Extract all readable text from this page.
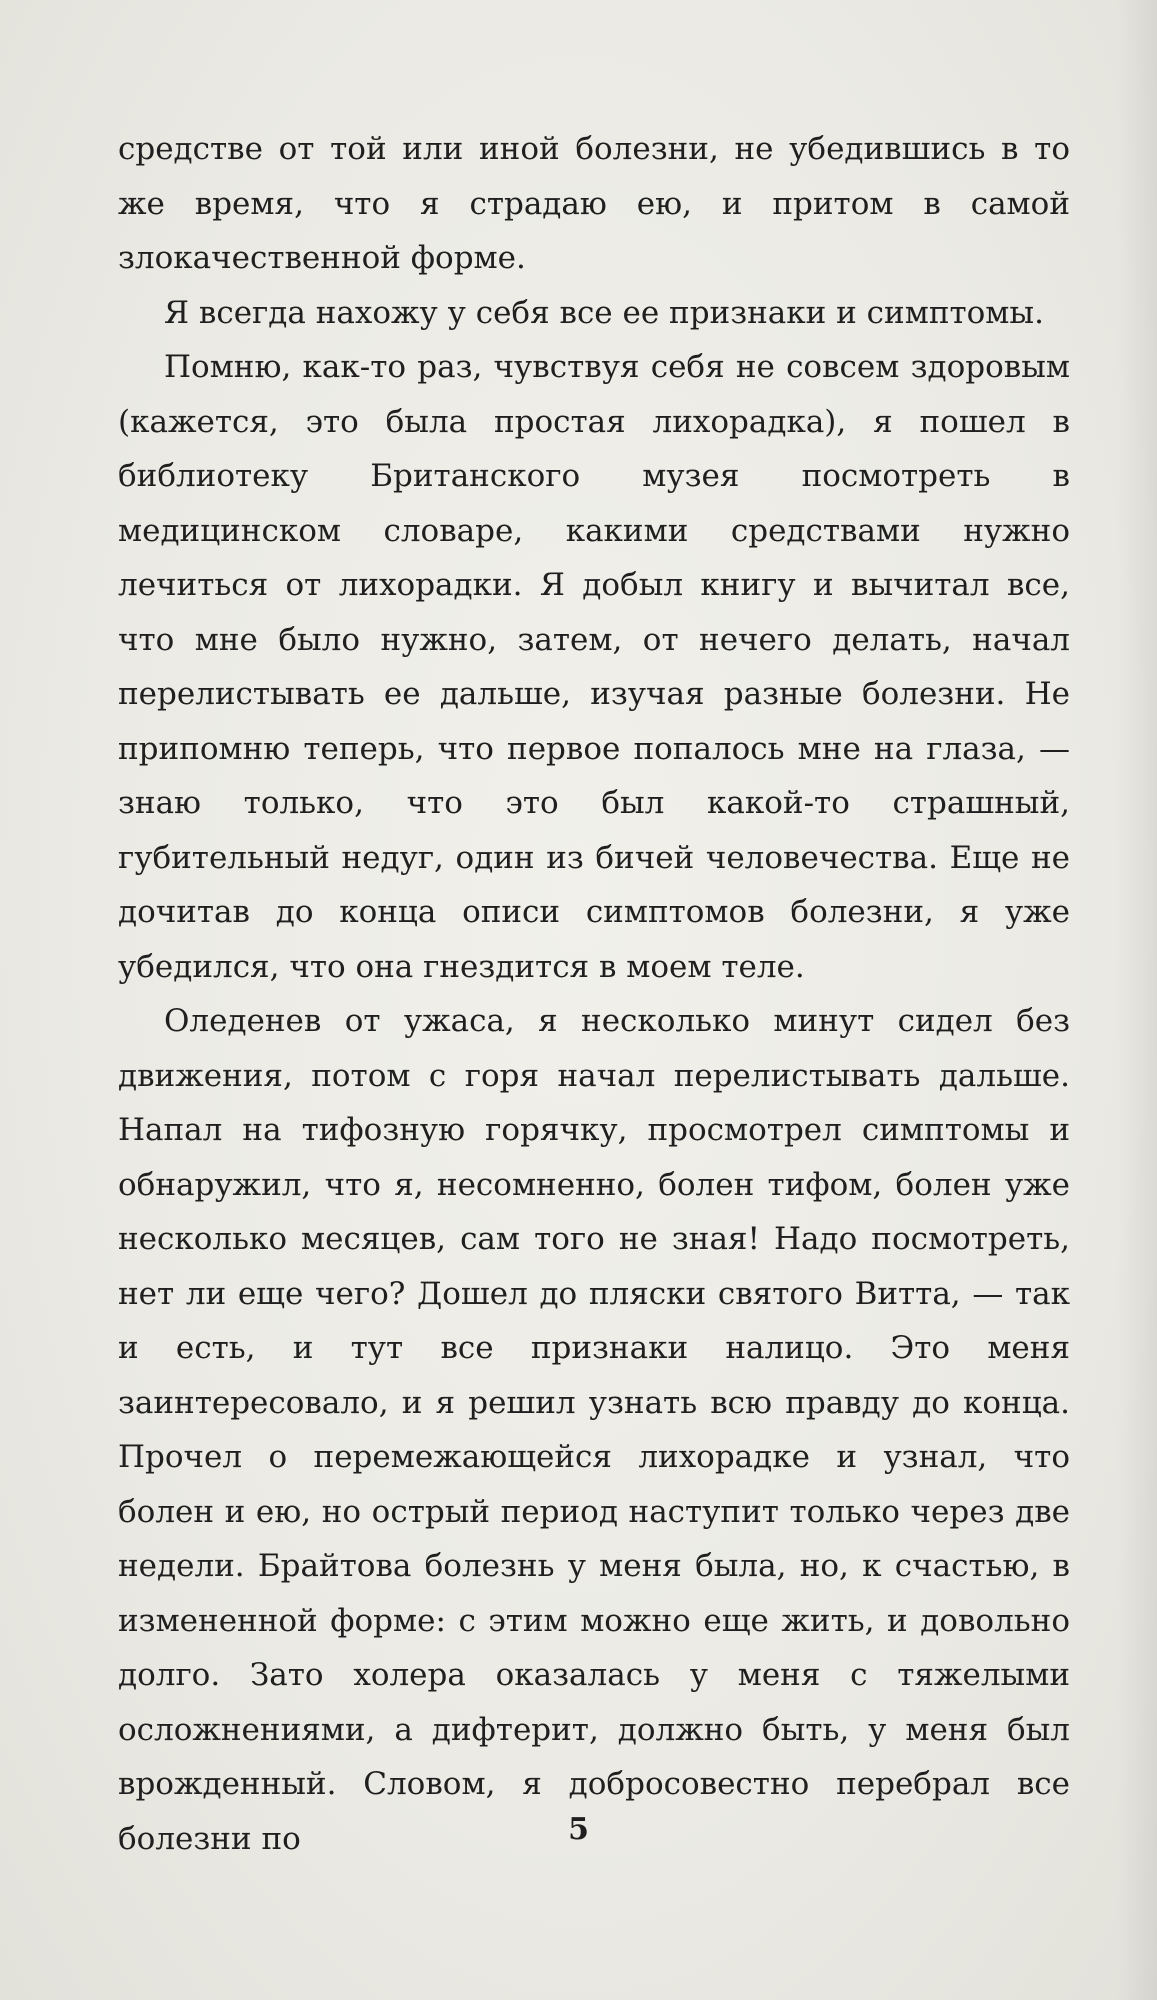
средстве от той или иной болезни, не убедившись в то же время, что я страдаю ею, и притом в самой злокачественной форме.

Я всегда нахожу у себя все ее признаки и симптомы.

Помню, как-то раз, чувствуя себя не совсем здоровым (кажется, это была простая лихорадка), я пошел в библиотеку Британского музея посмотреть в медицинском словаре, какими средствами нужно лечиться от лихорадки. Я добыл книгу и вычитал все, что мне было нужно, затем, от нечего делать, начал перелистывать ее дальше, изучая разные болезни. Не припомню теперь, что первое попалось мне на глаза, — знаю только, что это был какой-то страшный, губительный недуг, один из бичей человечества. Еще не дочитав до конца описи симптомов болезни, я уже убедился, что она гнездится в моем теле.

Оледенев от ужаса, я несколько минут сидел без движения, потом с горя начал перелистывать дальше. Напал на тифозную горячку, просмотрел симптомы и обнаружил, что я, несомненно, болен тифом, болен уже несколько месяцев, сам того не зная! Надо посмотреть, нет ли еще чего? Дошел до пляски святого Витта, — так и есть, и тут все признаки налицо. Это меня заинтересовало, и я решил узнать всю правду до конца. Прочел о перемежающейся лихорадке и узнал, что болен и ею, но острый период наступит только через две недели. Брайтова болезнь у меня была, но, к счастью, в измененной форме: с этим можно еще жить, и довольно долго. Зато холера оказалась у меня с тяжелыми осложнениями, а дифтерит, должно быть, у меня был врожденный. Словом, я добросовестно перебрал все болезни по	5
